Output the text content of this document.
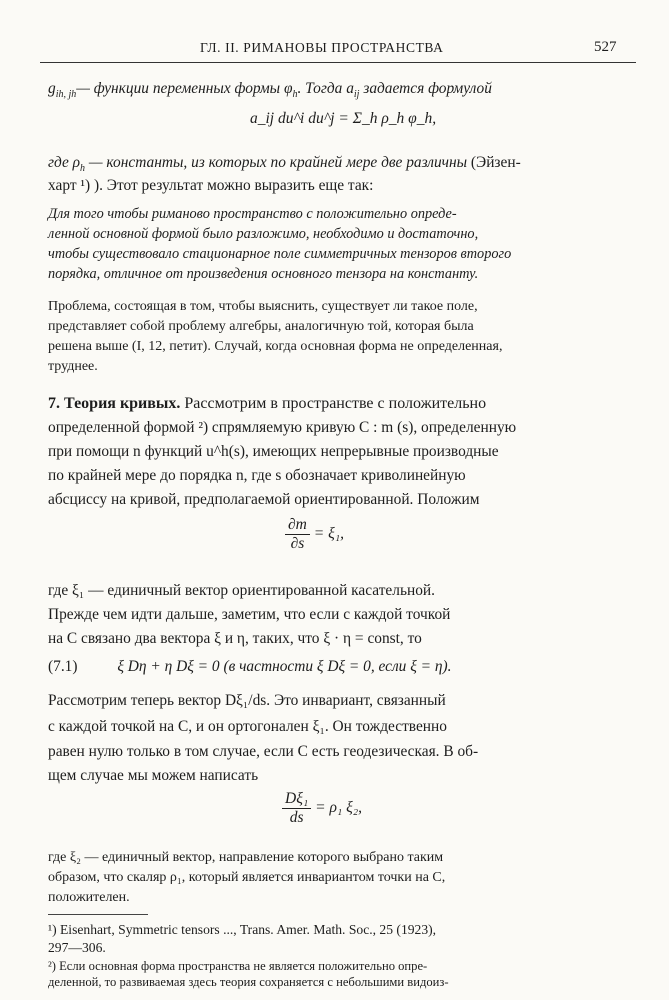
ГЛ. II. РИМАНОВЫ ПРОСТРАНСТВА	527
$g_{ih, jh}—$ функции переменных формы $\varphi_h$. Тогда $a_{ij}$ задается формулой
a_ij du^i du^j = Σ_h ρ_h φ_h,
где $\rho_h$ — константы, из которых по крайней мере две различны (Эйзен-
харт ¹) ). Этот результат можно выразить еще так:
Для того чтобы риманово пространство с положительно опреде-
ленной основной формой было разложимо, необходимо и достаточно,
чтобы существовало стационарное поле симметричных тензоров второго
порядка, отличное от произведения основного тензора на константу.
Проблема, состоящая в том, чтобы выяснить, существует ли такое поле,
представляет собой проблему алгебры, аналогичную той, которая была
решена выше (I, 12, петит). Случай, когда основная форма не определенная,
труднее.
7. Теория кривых. Рассмотрим в пространстве с положительно
определенной формой ²) спрямляемую кривую C : m (s), определенную
при помощи n функций u^h(s), имеющих непрерывные производные
по крайней мере до порядка n, где s обозначает криволинейную
абсциссу на кривой, предполагаемой ориентированной. Положим
$\frac{\partial m}{\partial s} = \xi_1$,
где ξ₁ — единичный вектор ориентированной касательной.
Прежде чем идти дальше, заметим, что если с каждой точкой
на C связано два вектора ξ и η, таких, что ξ · η = const, то
(7.1)	ξ Dη + η Dξ = 0 (в частности ξ Dξ = 0, если ξ = η).
Рассмотрим теперь вектор Dξ₁/ds. Это инвариант, связанный
с каждой точкой на C, и он ортогонален ξ₁. Он тождественно
равен нулю только в том случае, если C есть геодезическая. В об-
щем случае мы можем написать
$\frac{\text{Dξ₁}}{ds} = \rho_1$ ξ₂,
где ξ₂ — единичный вектор, направление которого выбрано таким
образом, что скаляр ρ₁, который является инвариантом точки на C,
положителен.
¹) Eisenhart, Symmetric tensors ..., Trans. Amer. Math. Soc., 25 (1923),
297—306.
²) Если основная форма пространства не является положительно опре-
деленной, то развиваемая здесь теория сохраняется с небольшими видоиз-
